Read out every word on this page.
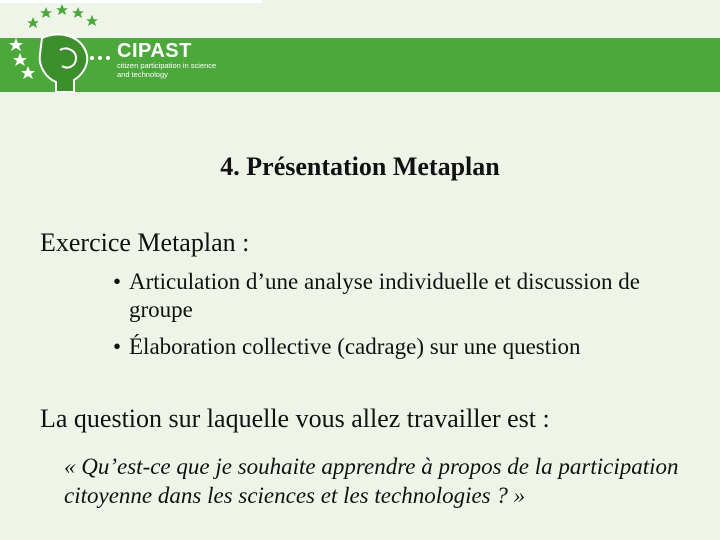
CIPAST
citizen participation in science and technology
4. Présentation Metaplan
Exercice Metaplan :
• Articulation d’une analyse individuelle et discussion de groupe
• Élaboration collective (cadrage) sur une question
La question sur laquelle vous allez travailler est :
« Qu’est-ce que je souhaite apprendre à propos de la participation citoyenne dans les sciences et les technologies ? »
